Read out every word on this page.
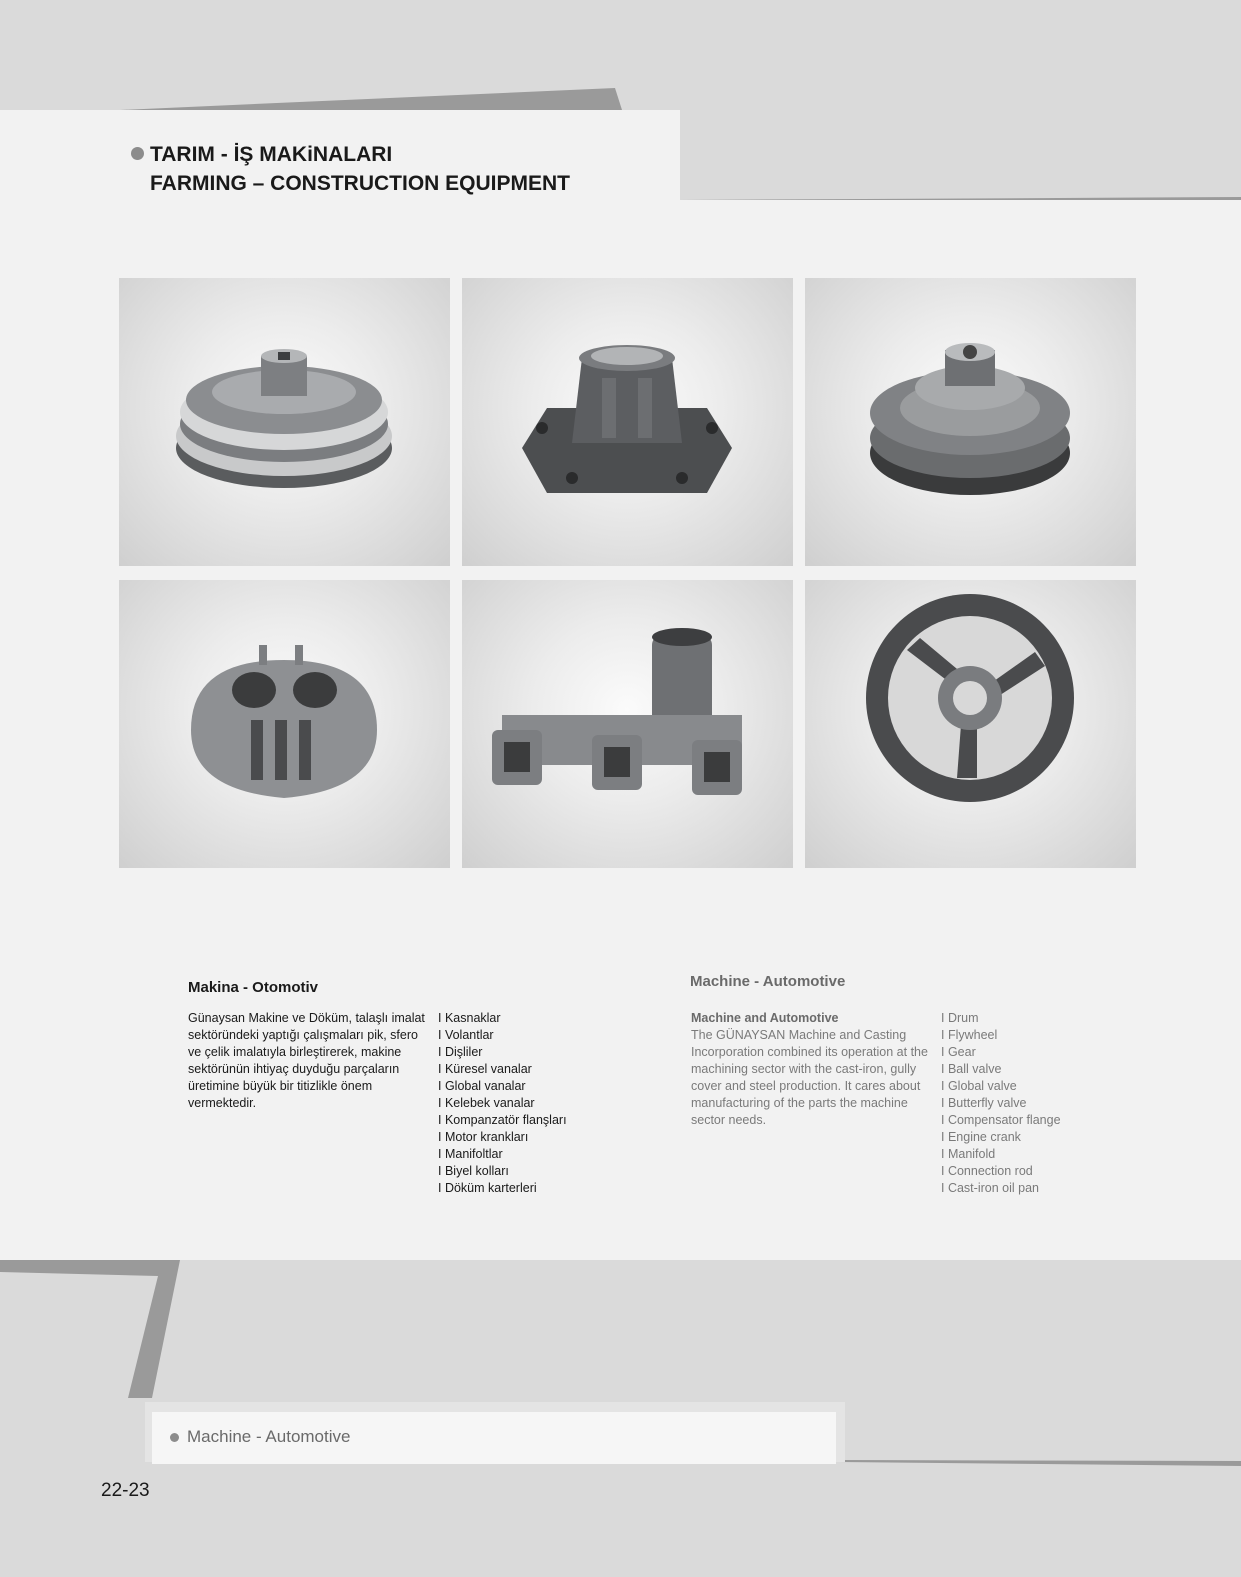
TARIM - İŞ MAKiNALARI
FARMING – CONSTRUCTION EQUIPMENT
Makina - Otomotiv
Günaysan Makine ve Döküm, talaşlı imalat sektöründeki yaptığı çalışmaları pik, sfero ve çelik imalatıyla birleştirerek, makine sektörünün ihtiyaç duyduğu parçaların üretimine büyük bir titizlikle önem vermektedir.
I Kasnaklar
I Volantlar
I Dişliler
I Küresel vanalar
I Global vanalar
I Kelebek vanalar
I Kompanzatör flanşları
I Motor krankları
I Manifoltlar
I Biyel kolları
I Döküm karterleri
Machine - Automotive
Machine and Automotive
The GÜNAYSAN Machine and Casting Incorporation combined its operation at the machining sector with the cast-iron, gully cover and steel production. It cares about manufacturing of the parts the machine sector needs.
I Drum
I Flywheel
I Gear
I Ball valve
I Global valve
I Butterfly valve
I Compensator flange
I Engine crank
I Manifold
I Connection rod
I Cast-iron oil pan
Machine - Automotive
22-23
